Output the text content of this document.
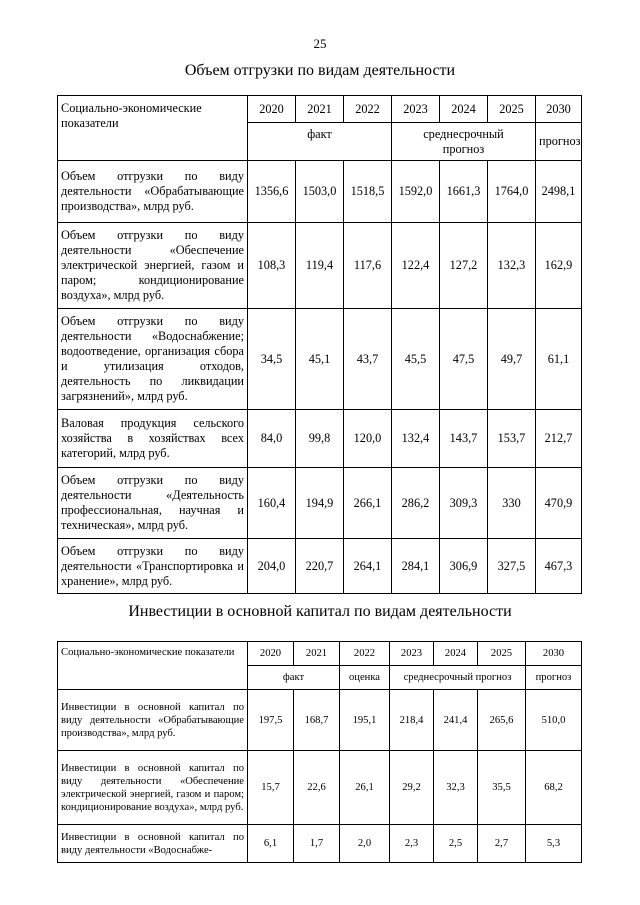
25
Объем отгрузки по видам деятельности
Социально-экономические показатели	2020	2021	2022	2023	2024	2025	2030
	факт			среднесрочный прогноз			прогноз
Объем отгрузки по виду деятельности «Обрабатывающие производства», млрд руб.	1356,6	1503,0	1518,5	1592,0	1661,3	1764,0	2498,1
Объем отгрузки по виду деятельности «Обеспечение электрической энергией, газом и паром; кондиционирование воздуха», млрд руб.	108,3	119,4	117,6	122,4	127,2	132,3	162,9
Объем отгрузки по виду деятельности «Водоснабжение; водоотведение, организация сбора и утилизация отходов, деятельность по ликвидации загрязнений», млрд руб.	34,5	45,1	43,7	45,5	47,5	49,7	61,1
Валовая продукция сельского хозяйства в хозяйствах всех категорий, млрд руб.	84,0	99,8	120,0	132,4	143,7	153,7	212,7
Объем отгрузки по виду деятельности «Деятельность профессиональная, научная и техническая», млрд руб.	160,4	194,9	266,1	286,2	309,3	330	470,9
Объем отгрузки по виду деятельности «Транспортировка и хранение», млрд руб.	204,0	220,7	264,1	284,1	306,9	327,5	467,3
Инвестиции в основной капитал по видам деятельности
Социально-экономические показатели	2020	2021	2022	2023	2024	2025	2030
	факт		оценка	среднесрочный прогноз			прогноз
Инвестиции в основной капитал по виду деятельности «Обрабатывающие производства», млрд руб.	197,5	168,7	195,1	218,4	241,4	265,6	510,0
Инвестиции в основной капитал по виду деятельности «Обеспечение электрической энергией, газом и паром; кондиционирование воздуха», млрд руб.	15,7	22,6	26,1	29,2	32,3	35,5	68,2
Инвестиции в основной капитал по виду деятельности «Водоснабже-	6,1	1,7	2,0	2,3	2,5	2,7	5,3
